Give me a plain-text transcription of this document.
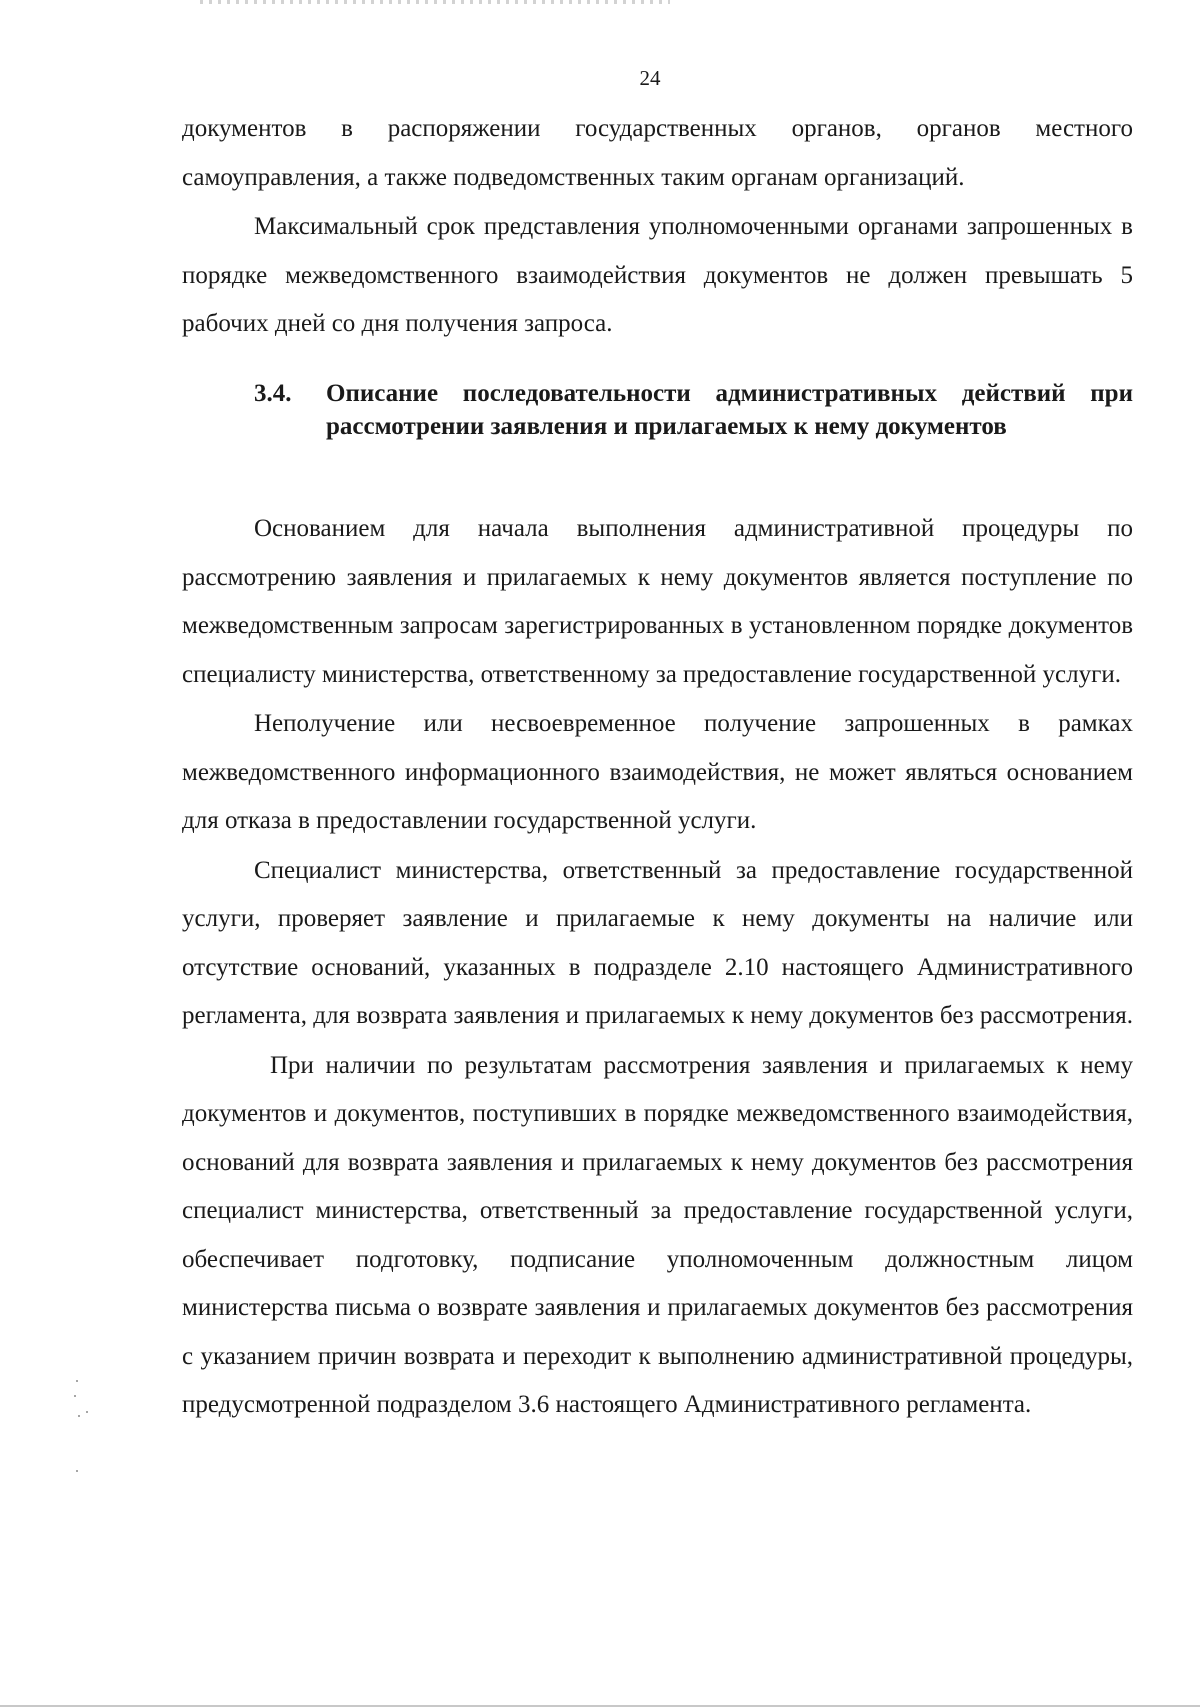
24

документов в распоряжении государственных органов, органов местного самоуправления, а также подведомственных таким органам организаций.

Максимальный срок представления уполномоченными органами запрошенных в порядке межведомственного взаимодействия документов не должен превышать 5 рабочих дней со дня получения запроса.

3.4.	Описание последовательности административных действий при рассмотрении заявления и прилагаемых к нему документов

Основанием для начала выполнения административной процедуры по рассмотрению заявления и прилагаемых к нему документов является поступление по межведомственным запросам зарегистрированных в установленном порядке документов специалисту министерства, ответственному за предоставление государственной услуги.

Неполучение или несвоевременное получение запрошенных в рамках межведомственного информационного взаимодействия, не может являться основанием для отказа в предоставлении государственной услуги.

Специалист министерства, ответственный за предоставление государственной услуги, проверяет заявление и прилагаемые к нему документы на наличие или отсутствие оснований, указанных в подразделе 2.10 настоящего Административного регламента, для возврата заявления и прилагаемых к нему документов без рассмотрения.

При наличии по результатам рассмотрения заявления и прилагаемых к нему документов и документов, поступивших в порядке межведомственного взаимодействия, оснований для возврата заявления и прилагаемых к нему документов без рассмотрения специалист министерства, ответственный за предоставление государственной услуги, обеспечивает подготовку, подписание уполномоченным должностным лицом министерства письма о возврате заявления и прилагаемых документов без рассмотрения с указанием причин возврата и переходит к выполнению административной процедуры, предусмотренной подразделом 3.6 настоящего Административного регламента.
